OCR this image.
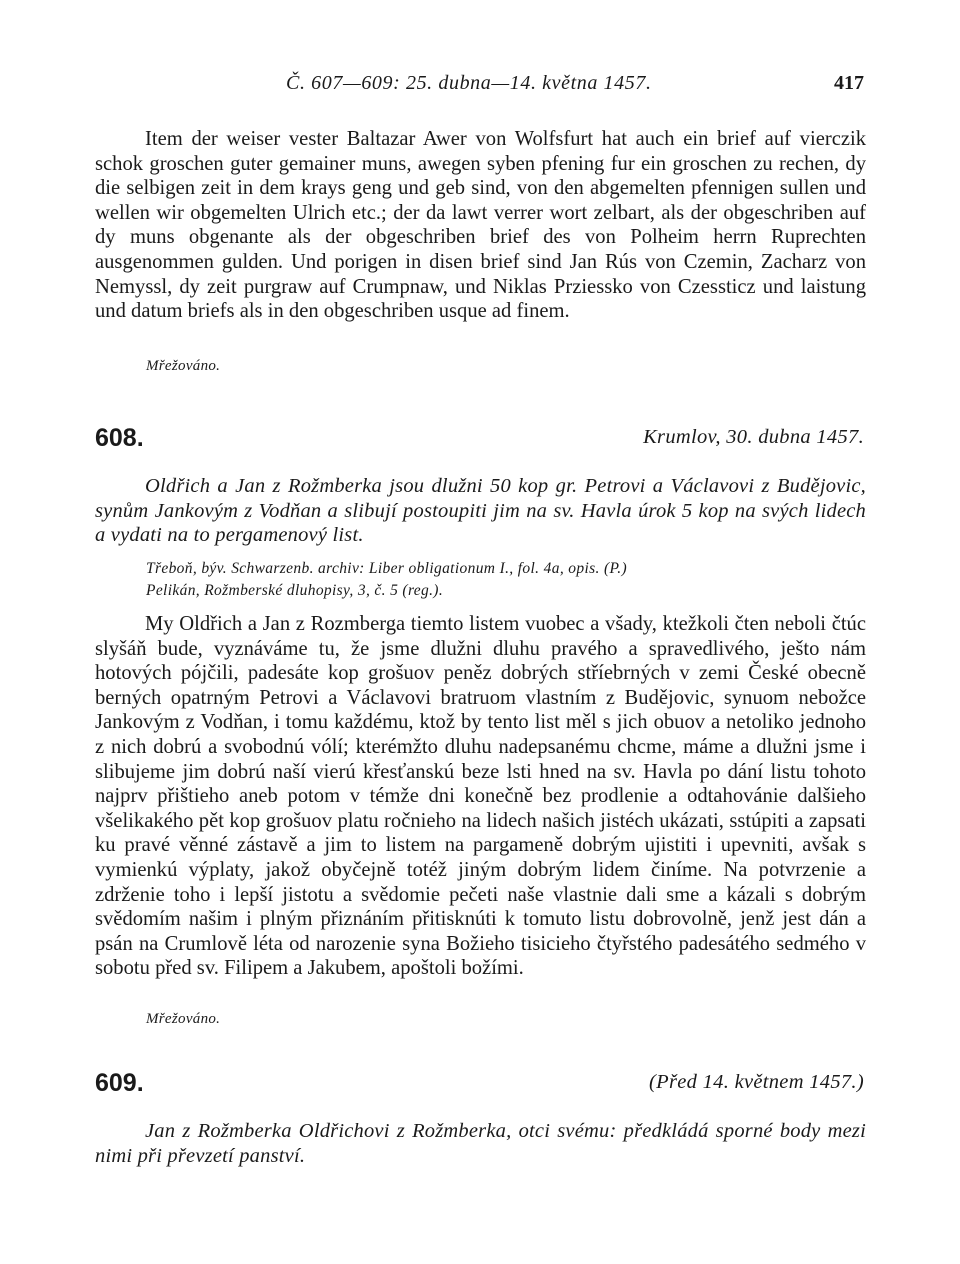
Č. 607—609: 25. dubna—14. května 1457.	417

Item der weiser vester Baltazar Awer von Wolfsfurt hat auch ein brief auf vierczik schok groschen guter gemainer muns, awegen syben pfening fur ein groschen zu rechen, dy die selbigen zeit in dem krays geng und geb sind, von den abgemelten pfennigen sullen und wellen wir obgemelten Ulrich etc.; der da lawt verrer wort zelbart, als der obgeschriben auf dy muns obgenante als der obgeschriben brief des von Polheim herrn Ruprechten ausgenommen gulden. Und porigen in disen brief sind Jan Rús von Czemin, Zacharz von Nemyssl, dy zeit purgraw auf Crumpnaw, und Niklas Prziessko von Czessticz und laistung und datum briefs als in den obgeschriben usque ad finem.

Mřežováno.
608.	Krumlov, 30. dubna 1457.

Oldřich a Jan z Rožmberka jsou dlužni 50 kop gr. Petrovi a Václavovi z Budějovic, synům Jankovým z Vodňan a slibují postoupiti jim na sv. Havla úrok 5 kop na svých lidech a vydati na to pergamenový list.

Třeboň, býv. Schwarzenb. archiv: Liber obligationum I., fol. 4a, opis. (P.)
Pelikán, Rožmberské dluhopisy, 3, č. 5 (reg.).

My Oldřich a Jan z Rozmberga tiemto listem vuobec a všady, ktežkoli čten neboli čtúc slyšáň bude, vyznáváme tu, že jsme dlužni dluhu pravého a spravedlivého, ješto nám hotových pójčili, padesáte kop grošuov peněz dobrých stříebrných v zemi České obecně berných opatrným Petrovi a Václavovi bratruom vlastním z Budějovic, synuom nebožce Jankovým z Vodňan, i tomu každému, ktož by tento list měl s jich obuov a netoliko jednoho z nich dobrú a svobodnú vólí; kterémžto dluhu nadepsanému chcme, máme a dlužni jsme i slibujeme jim dobrú naší vierú křesťanskú beze lsti hned na sv. Havla po dání listu tohoto najprv přištieho aneb potom v témže dni konečně bez prodlenie a odtahovánie dalšieho všelikakého pět kop grošuov platu ročnieho na lidech našich jistéch ukázati, sstúpiti a zapsati ku pravé věnné zástavě a jim to listem na pargameně dobrým ujistiti i upevniti, avšak s vymienkú výplaty, jakož obyčejně totéž jiným dobrým lidem činíme. Na potvrzenie a zdrženie toho i lepší jistotu a svědomie pečeti naše vlastnie dali sme a kázali s dobrým svědomím našim i plným přiznáním přitisknúti k tomuto listu dobrovolně, jenž jest dán a psán na Crumlově léta od narozenie syna Božieho tisicieho čtyřstého padesátého sedmého v sobotu před sv. Filipem a Jakubem, apoštoli božími.

Mřežováno.
609.	(Před 14. květnem 1457.)

Jan z Rožmberka Oldřichovi z Rožmberka, otci svému: předkládá sporné body mezi nimi při převzetí panství.
